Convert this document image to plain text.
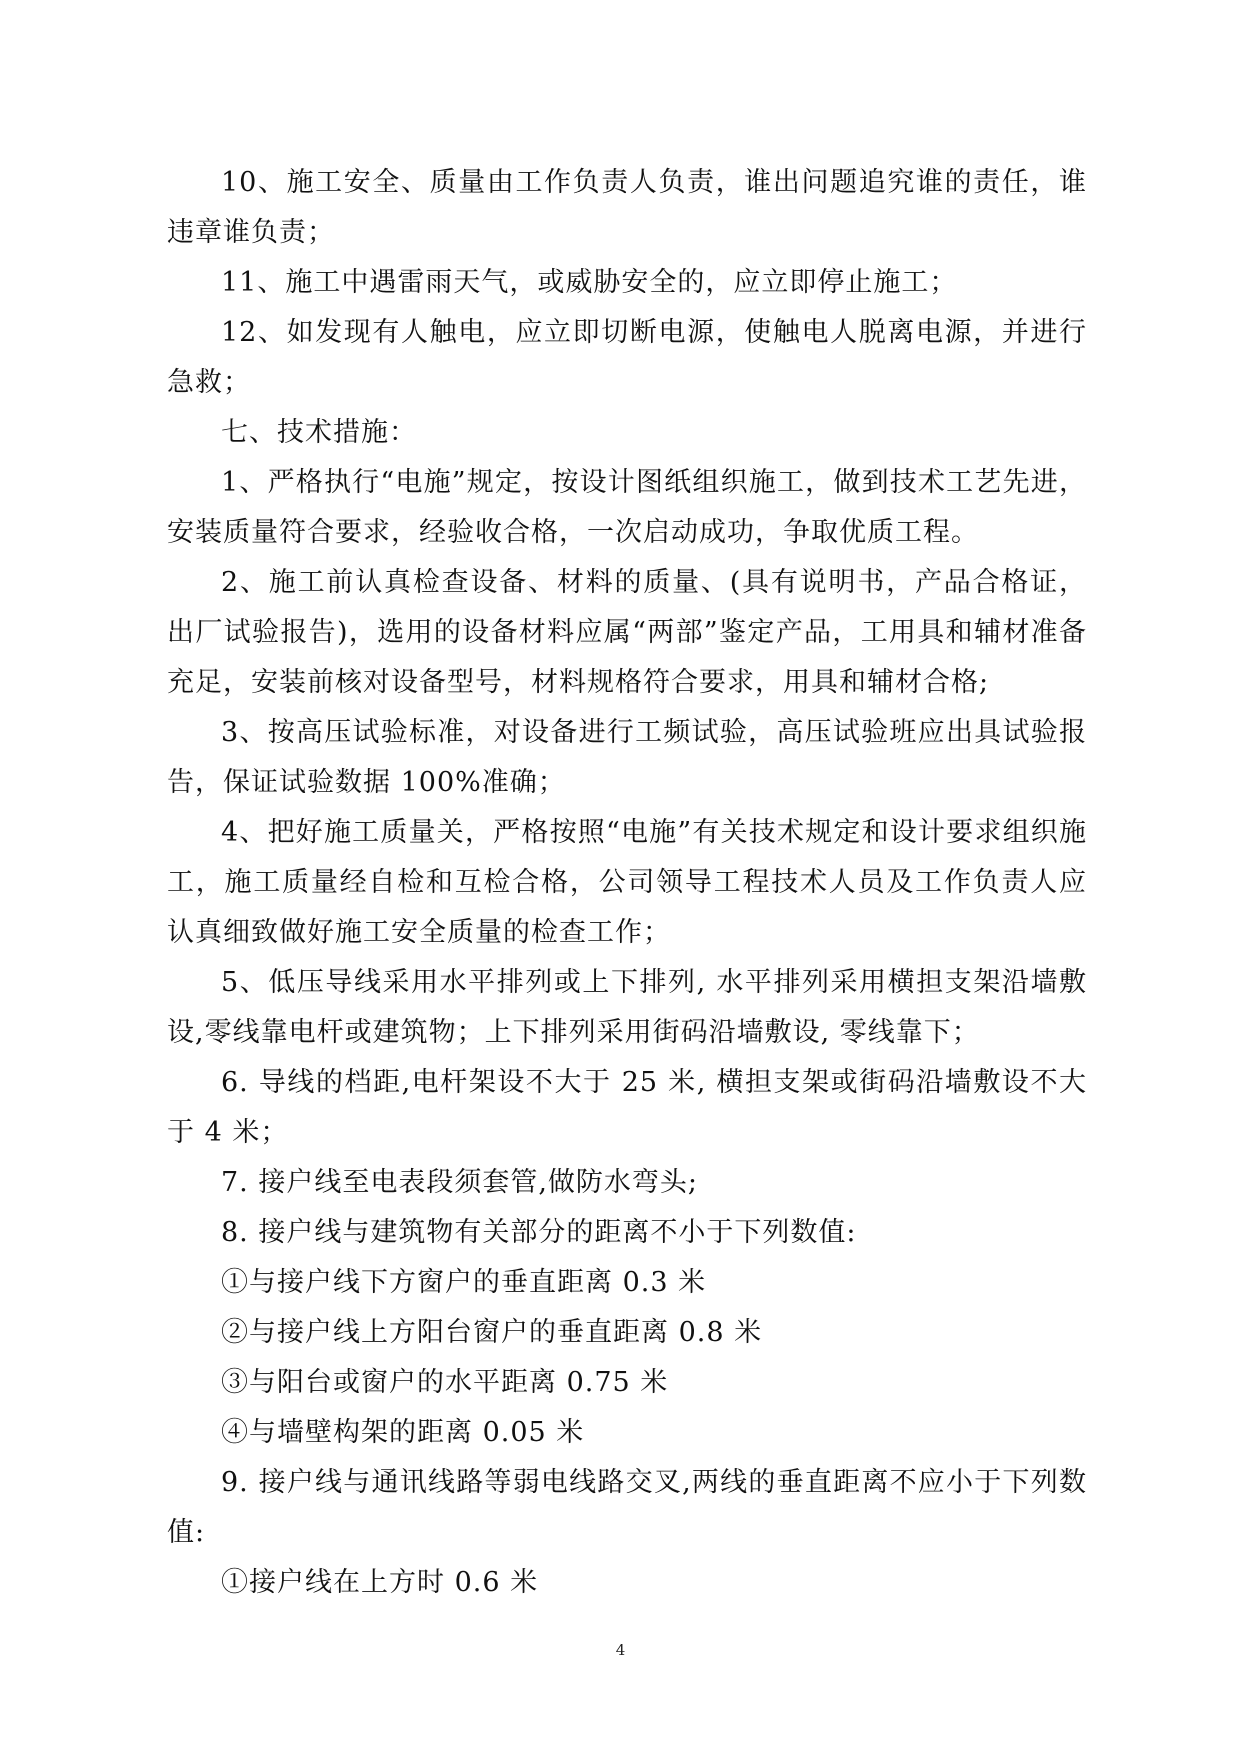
10、施工安全、质量由工作负责人负责，谁出问题追究谁的责任，谁违章谁负责；

11、施工中遇雷雨天气，或威胁安全的，应立即停止施工；

12、如发现有人触电，应立即切断电源，使触电人脱离电源，并进行急救；

七、技术措施：

1、严格执行“电施”规定，按设计图纸组织施工，做到技术工艺先进，安装质量符合要求，经验收合格，一次启动成功，争取优质工程。

2、施工前认真检查设备、材料的质量、(具有说明书，产品合格证，出厂试验报告)，选用的设备材料应属“两部”鉴定产品，工用具和辅材准备充足，安装前核对设备型号，材料规格符合要求，用具和辅材合格;

3、按高压试验标准，对设备进行工频试验，高压试验班应出具试验报告，保证试验数据 100%准确；

4、把好施工质量关，严格按照“电施”有关技术规定和设计要求组织施工，施工质量经自检和互检合格，公司领导工程技术人员及工作负责人应认真细致做好施工安全质量的检查工作；

5、低压导线采用水平排列或上下排列, 水平排列采用横担支架沿墙敷设,零线靠电杆或建筑物；上下排列采用街码沿墙敷设, 零线靠下；

6. 导线的档距,电杆架设不大于 25 米, 横担支架或街码沿墙敷设不大于 4 米；

7. 接户线至电表段须套管,做防水弯头;

8. 接户线与建筑物有关部分的距离不小于下列数值:

①与接户线下方窗户的垂直距离 0.3 米

②与接户线上方阳台窗户的垂直距离 0.8 米

③与阳台或窗户的水平距离 0.75 米

④与墙壁构架的距离 0.05 米

9. 接户线与通讯线路等弱电线路交叉,两线的垂直距离不应小于下列数值:

①接户线在上方时 0.6 米

4
